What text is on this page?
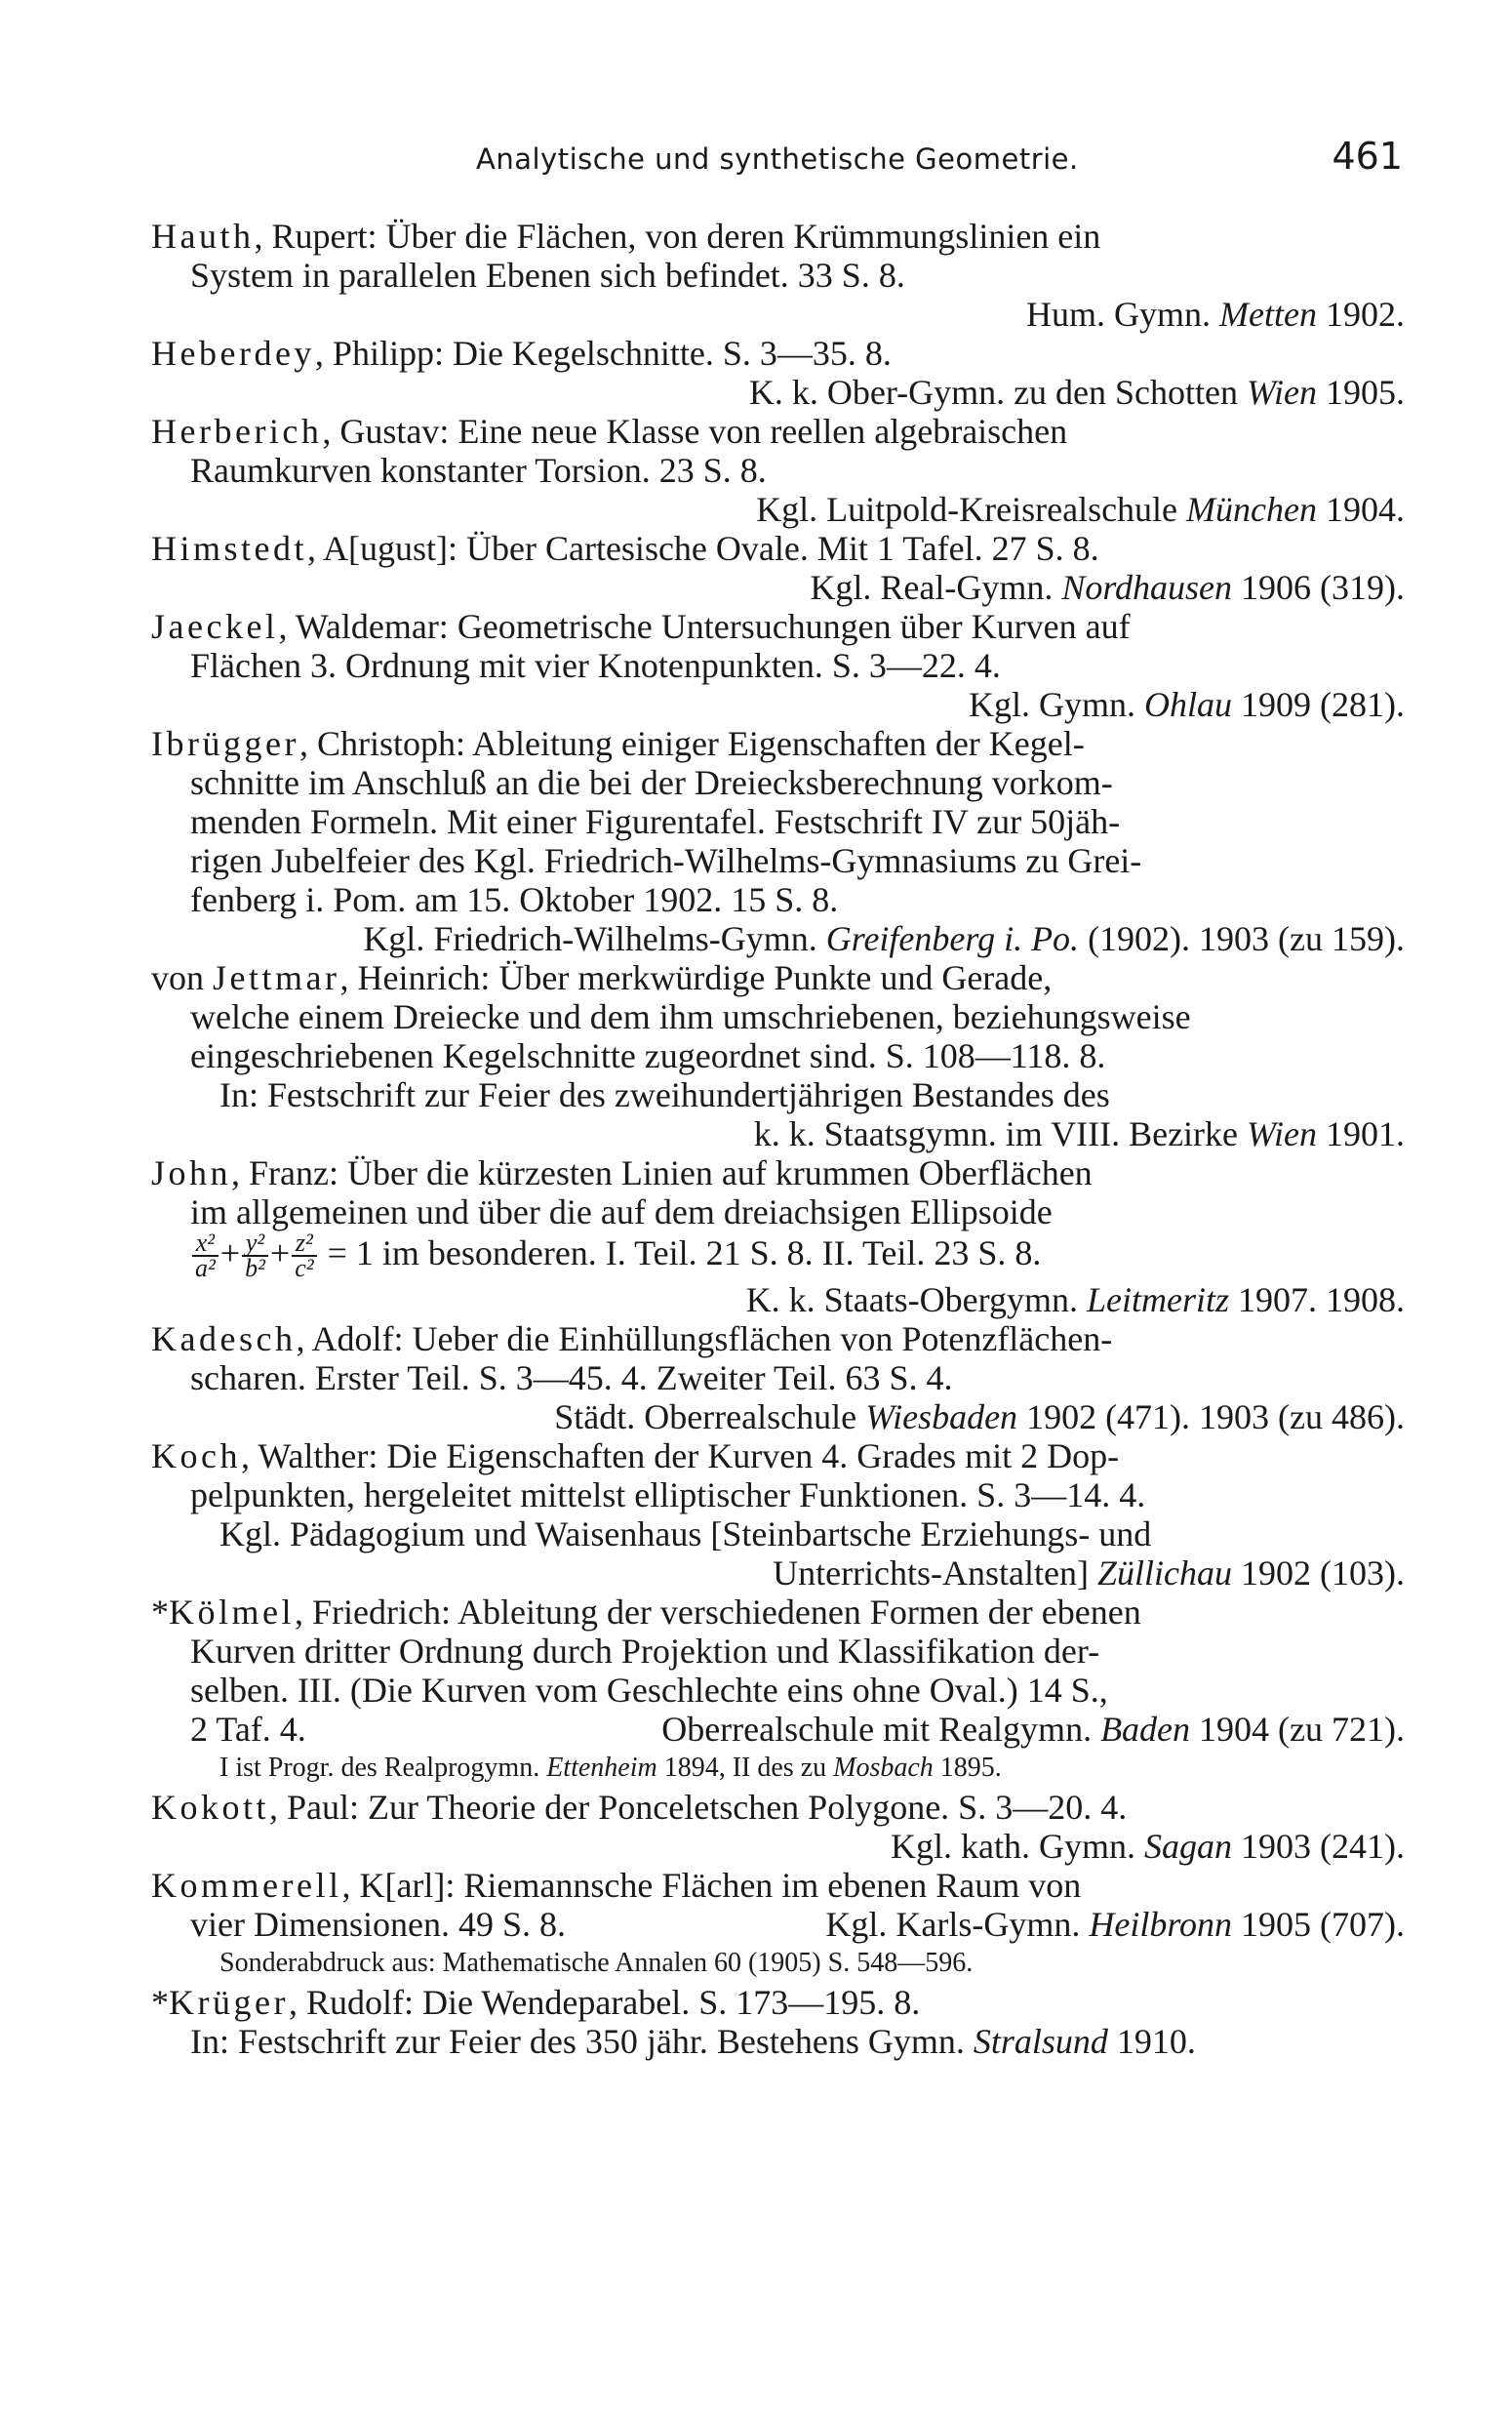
Analytische und synthetische Geometrie.	461
Hauth, Rupert: Über die Flächen, von deren Krümmungslinien ein
System in parallelen Ebenen sich befindet. 33 S. 8.
Hum. Gymn. Metten 1902.
Heberdey, Philipp: Die Kegelschnitte. S. 3—35. 8.
K. k. Ober-Gymn. zu den Schotten Wien 1905.
Herberich, Gustav: Eine neue Klasse von reellen algebraischen
Raumkurven konstanter Torsion. 23 S. 8.
Kgl. Luitpold-Kreisrealschule München 1904.
Himstedt, A[ugust]: Über Cartesische Ovale. Mit 1 Tafel. 27 S. 8.
Kgl. Real-Gymn. Nordhausen 1906 (319).
Jaeckel, Waldemar: Geometrische Untersuchungen über Kurven auf
Flächen 3. Ordnung mit vier Knotenpunkten. S. 3—22. 4.
Kgl. Gymn. Ohlau 1909 (281).
Ibrügger, Christoph: Ableitung einiger Eigenschaften der Kegel-
schnitte im Anschluß an die bei der Dreiecksberechnung vorkom-
menden Formeln. Mit einer Figurentafel. Festschrift IV zur 50jäh-
rigen Jubelfeier des Kgl. Friedrich-Wilhelms-Gymnasiums zu Grei-
fenberg i. Pom. am 15. Oktober 1902. 15 S. 8.
Kgl. Friedrich-Wilhelms-Gymn. Greifenberg i. Po. (1902). 1903 (zu 159).
von Jettmar, Heinrich: Über merkwürdige Punkte und Gerade,
welche einem Dreiecke und dem ihm umschriebenen, beziehungsweise
eingeschriebenen Kegelschnitte zugeordnet sind. S. 108—118. 8.
In: Festschrift zur Feier des zweihundertjährigen Bestandes des
k. k. Staatsgymn. im VIII. Bezirke Wien 1901.
John, Franz: Über die kürzesten Linien auf krummen Oberflächen
im allgemeinen und über die auf dem dreiachsigen Ellipsoide
$\frac{\text{x²}}{\text{a²}} + \frac{\text{y²}}{\text{b²}} + \frac{\text{z²}}{\text{c²}} = 1$ im besonderen. I. Teil. 21 S. 8. II. Teil. 23 S. 8.
K. k. Staats-Obergymn. Leitmeritz 1907. 1908.
Kadesch, Adolf: Ueber die Einhüllungsflächen von Potenzflächen-
scharen. Erster Teil. S. 3—45. 4. Zweiter Teil. 63 S. 4.
Städt. Oberrealschule Wiesbaden 1902 (471). 1903 (zu 486).
Koch, Walther: Die Eigenschaften der Kurven 4. Grades mit 2 Dop-
pelpunkten, hergeleitet mittelst elliptischer Funktionen. S. 3—14. 4.
Kgl. Pädagogium und Waisenhaus [Steinbartsche Erziehungs- und
Unterrichts-Anstalten] Züllichau 1902 (103).
*Kölmel, Friedrich: Ableitung der verschiedenen Formen der ebenen
Kurven dritter Ordnung durch Projektion und Klassifikation der-
selben. III. (Die Kurven vom Geschlechte eins ohne Oval.) 14 S.,
2 Taf. 4.	Oberrealschule mit Realgymn. Baden 1904 (zu 721).
I ist Progr. des Realprogymn. Ettenheim 1894, II des zu Mosbach 1895.
Kokott, Paul: Zur Theorie der Ponceletschen Polygone. S. 3—20. 4.
Kgl. kath. Gymn. Sagan 1903 (241).
Kommerell, K[arl]: Riemannsche Flächen im ebenen Raum von
vier Dimensionen. 49 S. 8.	Kgl. Karls-Gymn. Heilbronn 1905 (707).
Sonderabdruck aus: Mathematische Annalen 60 (1905) S. 548—596.
*Krüger, Rudolf: Die Wendeparabel. S. 173—195. 8.
In: Festschrift zur Feier des 350 jähr. Bestehens Gymn. Stralsund 1910.
